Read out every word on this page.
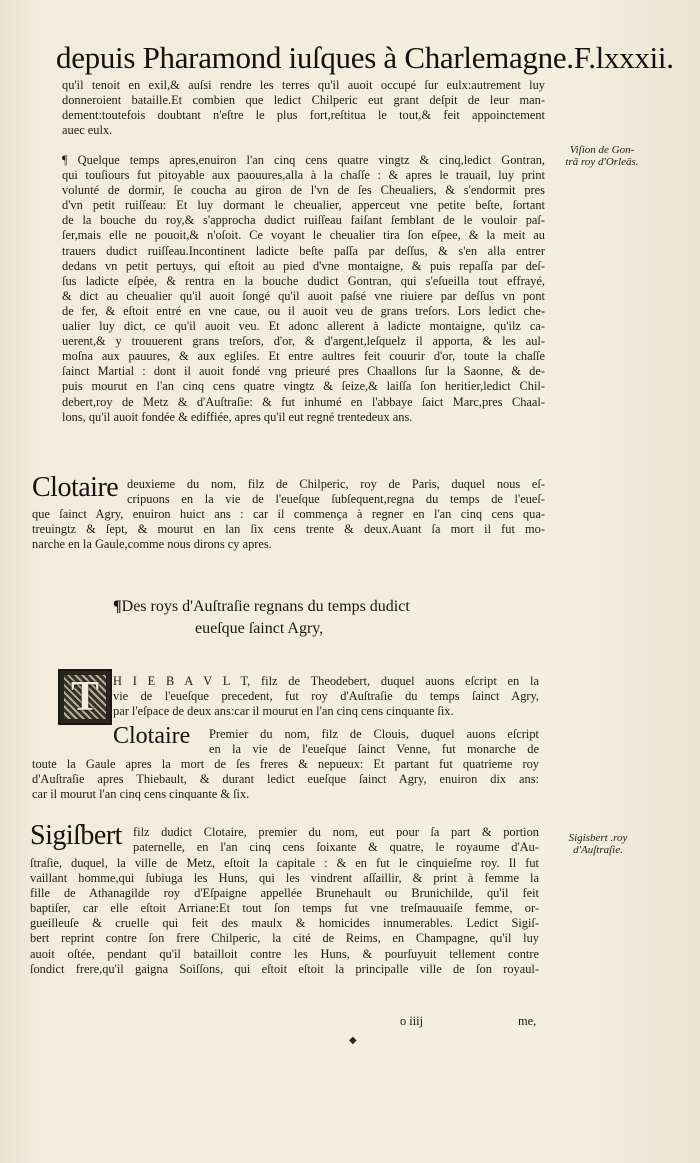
depuis Pharamond iuſques à Charlemagne.F.lxxxii.
qu'il tenoit en exil,& auſsi rendre les terres qu'il auoit occupé ſur eulx:autrement luy
donneroient bataille.Et combien que ledict Chilperic eut grant deſpit de leur man-
dement:toutefois doubtant n'eſtre le plus fort,reſtitua le tout,& feit appoinctement
auec eulx.
¶ Quelque temps apres,enuiron l'an cinq cens quatre vingtz & cinq,ledict Gontran,
qui touſiours fut pitoyable aux paouures,alla à la chaſſe : & apres le trauail, luy print
volunté de dormir, ſe coucha au giron de l'vn de ſes Cheualiers, & s'endormit pres
d'vn petit ruiſſeau: Et luy dormant le cheualier, apperceut vne petite beſte, ſortant
de la bouche du roy,& s'approcha dudict ruiſſeau faiſant ſemblant de le vouloir paſ-
ſer,mais elle ne pouoit,& n'oſoit. Ce voyant le cheualier tira ſon eſpee, & la meit au
trauers dudict ruiſſeau.Incontinent ladicte beſte paſſa par deſſus, & s'en alla entrer
dedans vn petit pertuys, qui eſtoit au pied d'vne montaigne, & puis repaſſa par deſ-
ſus ladicte eſpée, & rentra en la bouche dudict Gontran, qui s'eſueilla tout effrayé,
& dict au cheualier qu'il auoit ſongé qu'il auoit paſsé vne riuiere par deſſus vn pont
de fer, & eſtoit entré en vne caue, ou il auoit veu de grans treſors. Lors ledict che-
ualier luy dict, ce qu'il auoit veu. Et adonc allerent à ladicte montaigne, qu'ilz ca-
uerent,& y trouuerent grans treſors, d'or, & d'argent,leſquelz il apporta, & les aul-
moſna aux pauures, & aux egliſes. Et entre aultres feit couurir d'or, toute la chaſſe
ſainct Martial : dont il auoit fondé vng prieuré pres Chaallons ſur la Saonne, & de-
puis mourut en l'an cinq cens quatre vingtz & ſeize,& laiſſa ſon heritier,ledict Chil-
debert,roy de Metz & d'Auſtraſie: & fut inhumé en l'abbaye ſaict Marc,pres Chaal-
lons, qu'il auoit fondée & ediffiée, apres qu'il eut regné trentedeux ans.
Viſion de Gon-
trā roy d'Orleās.
Clotaire deuxieme du nom, filz de Chilperic, roy de Paris, duquel nous eſ-
cripuons en la vie de l'eueſque ſubſequent,regna du temps de l'eueſ-
que ſainct Agry, enuiron huict ans : car il commença à regner en l'an cinq cens qua-
treuingtz & ſept, & mourut en lan ſix cens trente & deux.Auant ſa mort il fut mo-
narche en la Gaule,comme nous dirons cy apres.
¶Des roys d'Auſtraſie regnans du temps dudict
eueſque ſainct Agry,
T	H I E B A V L T, filz de Theodebert, duquel auons eſcript en la
vie de l'eueſque precedent, fut roy d'Auſtraſie du temps ſainct Agry,
par l'eſpace de deux ans:car il mourut en l'an cinq cens cinquante ſix.
Clotaire Premier du nom, filz de Clouis, duquel auons eſcript
en la vie de l'eueſque ſainct Venne, fut monarche de
toute la Gaule apres la mort de ſes freres & nepueux: Et partant fut quatrieme roy
d'Auſtraſie apres Thiebault, & durant ledict eueſque ſainct Agry, enuiron dix ans:
car il mourut l'an cinq cens cinquante & ſix.
Sigiſbert filz dudict Clotaire, premier du nom, eut pour ſa part & portion
paternelle, en l'an cinq cens ſoixante & quatre, le royaume d'Au-
ſtraſie, duquel, la ville de Metz, eſtoit la capitale : & en fut le cinquieſme roy. Il fut
vaillant homme,qui ſubiuga les Huns, qui les vindrent aſſaillir, & print à femme la
fille de Athanagilde roy d'Eſpaigne appellée Brunehault ou Brunichilde, qu'il feit
baptiſer, car elle eſtoit Arriane:Et tout ſon temps fut vne treſmauuaiſe femme, or-
gueilleuſe & cruelle qui feit des maulx & homicides innumerables. Ledict Sigiſ-
bert reprint contre ſon frere Chilperic, la cité de Reims, en Champagne, qu'il luy
auoit oſtée, pendant qu'il batailloit contre les Huns, & pourſuyuit tellement contre
ſondict frere,qu'il gaigna Soiſſons, qui eſtoit eſtoit la principalle ville de ſon royaul-
Sigisbert .roy
d'Auſtraſie.
o iiij	me,
◆
